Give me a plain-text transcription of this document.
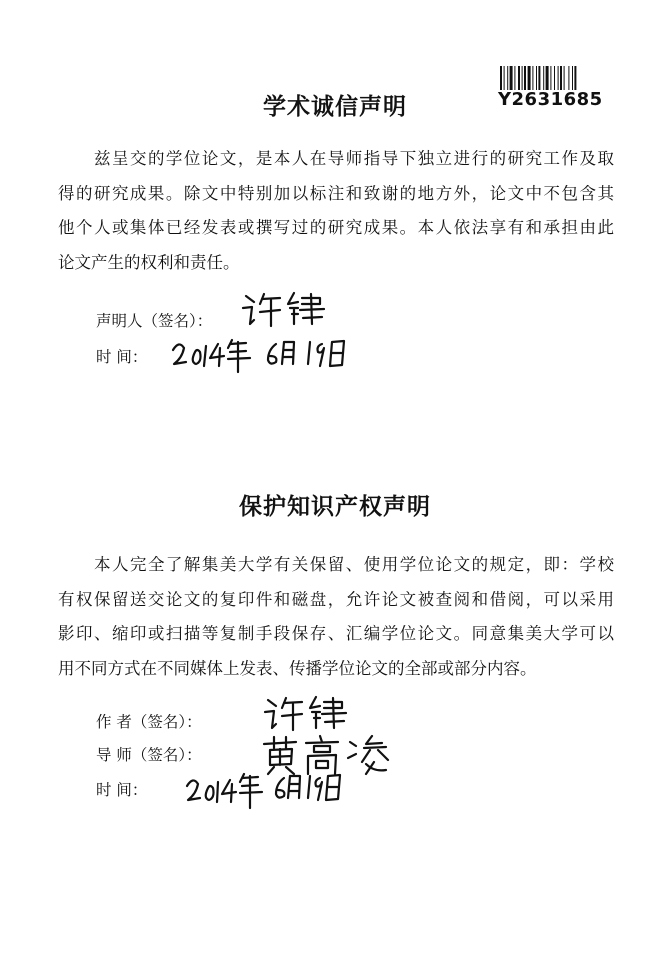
Y2631685
学术诚信声明
兹呈交的学位论文，是本人在导师指导下独立进行的研究工作及取
得的研究成果。除文中特别加以标注和致谢的地方外，论文中不包含其
他个人或集体已经发表或撰写过的研究成果。本人依法享有和承担由此
论文产生的权利和责任。
声明人（签名）：
时 间：
保护知识产权声明
本人完全了解集美大学有关保留、使用学位论文的规定，即：学校
有权保留送交论文的复印件和磁盘，允许论文被查阅和借阅，可以采用
影印、缩印或扫描等复制手段保存、汇编学位论文。同意集美大学可以
用不同方式在不同媒体上发表、传播学位论文的全部或部分内容。
作 者（签名）：
导 师（签名）：
时 间：
